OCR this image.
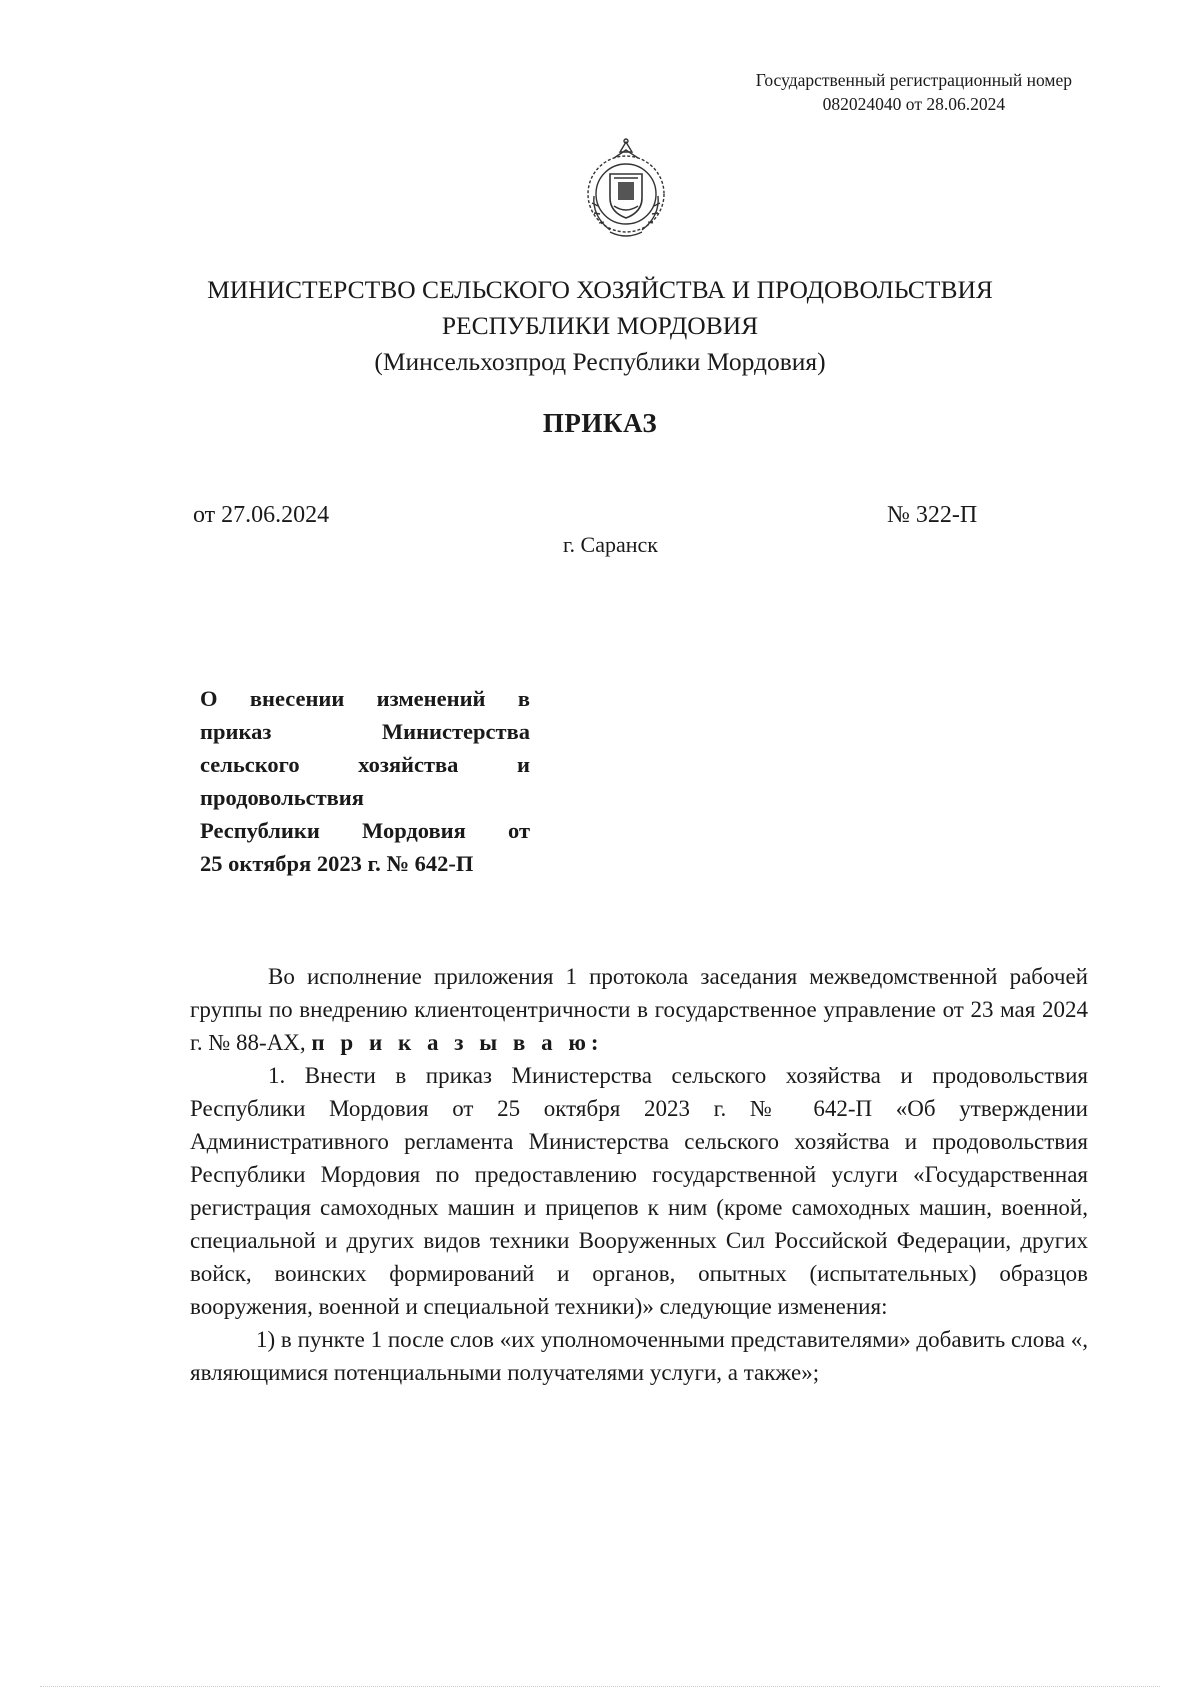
Государственный регистрационный номер
082024040 от 28.06.2024
МИНИСТЕРСТВО СЕЛЬСКОГО ХОЗЯЙСТВА И ПРОДОВОЛЬСТВИЯ
РЕСПУБЛИКИ МОРДОВИЯ
(Минсельхозпрод Республики Мордовия)
ПРИКАЗ
от 27.06.2024	№ 322-П
г. Саранск
О внесении изменений в
приказ Министерства
сельского хозяйства и
продовольствия
Республики Мордовия от
25 октября 2023 г. № 642-П

Во исполнение приложения 1 протокола заседания межведомственной рабочей группы по внедрению клиентоцентричности в государственное управление от 23 мая 2024 г. № 88-АХ, п р и к а з ы в а ю:

1. Внести в приказ Министерства сельского хозяйства и продовольствия Республики Мордовия от 25 октября 2023 г. № 642-П «Об утверждении Административного регламента Министерства сельского хозяйства и продовольствия Республики Мордовия по предоставлению государственной услуги «Государственная регистрация самоходных машин и прицепов к ним (кроме самоходных машин, военной, специальной и других видов техники Вооруженных Сил Российской Федерации, других войск, воинских формирований и органов, опытных (испытательных) образцов вооружения, военной и специальной техники)» следующие изменения:

1) в пункте 1 после слов «их уполномоченными представителями» добавить слова «, являющимися потенциальными получателями услуги, а также»;
